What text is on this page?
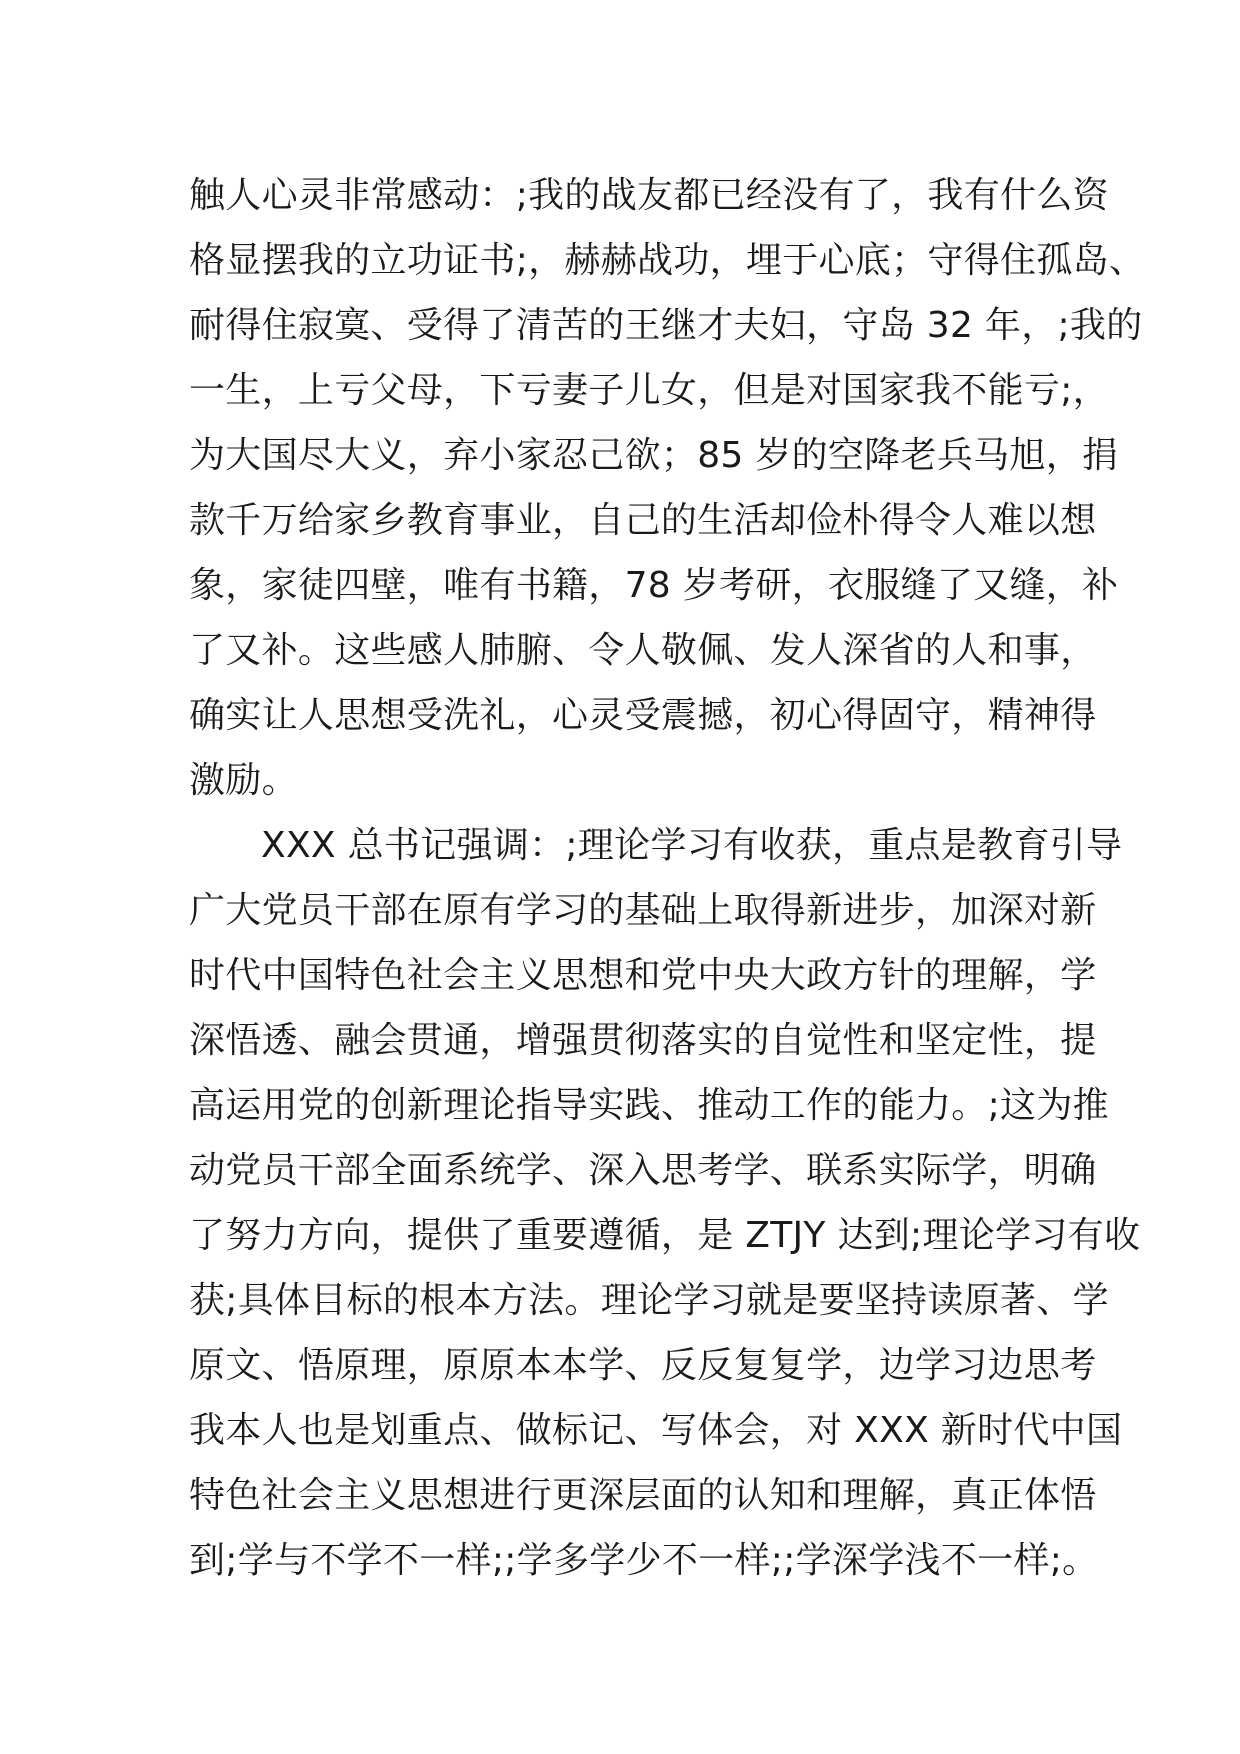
触人心灵非常感动：;我的战友都已经没有了，我有什么资
格显摆我的立功证书;，赫赫战功，埋于心底；守得住孤岛、
耐得住寂寞、受得了清苦的王继才夫妇，守岛 32 年，;我的
一生，上亏父母，下亏妻子儿女，但是对国家我不能亏;，
为大国尽大义，弃小家忍己欲；85 岁的空降老兵马旭，捐
款千万给家乡教育事业，自己的生活却俭朴得令人难以想
象，家徒四壁，唯有书籍，78 岁考研，衣服缝了又缝，补
了又补。这些感人肺腑、令人敬佩、发人深省的人和事，
确实让人思想受洗礼，心灵受震撼，初心得固守，精神得
激励。
XXX 总书记强调：;理论学习有收获，重点是教育引导
广大党员干部在原有学习的基础上取得新进步，加深对新
时代中国特色社会主义思想和党中央大政方针的理解，学
深悟透、融会贯通，增强贯彻落实的自觉性和坚定性，提
高运用党的创新理论指导实践、推动工作的能力。;这为推
动党员干部全面系统学、深入思考学、联系实际学，明确
了努力方向，提供了重要遵循，是 ZTJY 达到;理论学习有收
获;具体目标的根本方法。理论学习就是要坚持读原著、学
原文、悟原理，原原本本学、反反复复学，边学习边思考
我本人也是划重点、做标记、写体会，对 XXX 新时代中国
特色社会主义思想进行更深层面的认知和理解，真正体悟
到;学与不学不一样;;学多学少不一样;;学深学浅不一样;。
